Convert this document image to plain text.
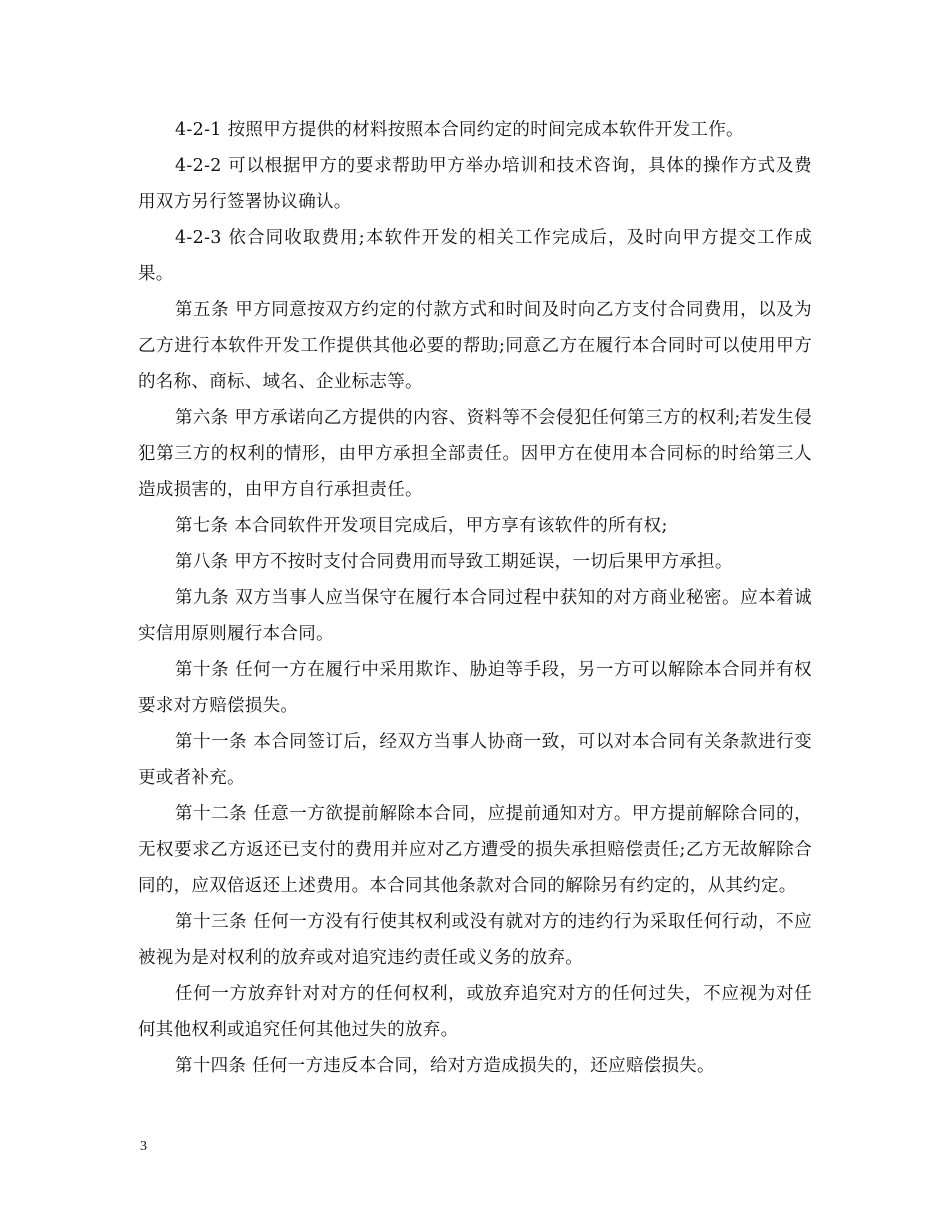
4-2-1 按照甲方提供的材料按照本合同约定的时间完成本软件开发工作。

4-2-2 可以根据甲方的要求帮助甲方举办培训和技术咨询，具体的操作方式及费用双方另行签署协议确认。

4-2-3 依合同收取费用;本软件开发的相关工作完成后，及时向甲方提交工作成果。

第五条 甲方同意按双方约定的付款方式和时间及时向乙方支付合同费用，以及为乙方进行本软件开发工作提供其他必要的帮助;同意乙方在履行本合同时可以使用甲方的名称、商标、域名、企业标志等。

第六条 甲方承诺向乙方提供的内容、资料等不会侵犯任何第三方的权利;若发生侵犯第三方的权利的情形，由甲方承担全部责任。因甲方在使用本合同标的时给第三人造成损害的，由甲方自行承担责任。

第七条 本合同软件开发项目完成后，甲方享有该软件的所有权;

第八条 甲方不按时支付合同费用而导致工期延误，一切后果甲方承担。

第九条 双方当事人应当保守在履行本合同过程中获知的对方商业秘密。应本着诚实信用原则履行本合同。

第十条 任何一方在履行中采用欺诈、胁迫等手段，另一方可以解除本合同并有权要求对方赔偿损失。

第十一条 本合同签订后，经双方当事人协商一致，可以对本合同有关条款进行变更或者补充。

第十二条 任意一方欲提前解除本合同，应提前通知对方。甲方提前解除合同的，无权要求乙方返还已支付的费用并应对乙方遭受的损失承担赔偿责任;乙方无故解除合同的，应双倍返还上述费用。本合同其他条款对合同的解除另有约定的，从其约定。

第十三条 任何一方没有行使其权利或没有就对方的违约行为采取任何行动，不应被视为是对权利的放弃或对追究违约责任或义务的放弃。

任何一方放弃针对对方的任何权利，或放弃追究对方的任何过失，不应视为对任何其他权利或追究任何其他过失的放弃。

第十四条 任何一方违反本合同，给对方造成损失的，还应赔偿损失。

3
